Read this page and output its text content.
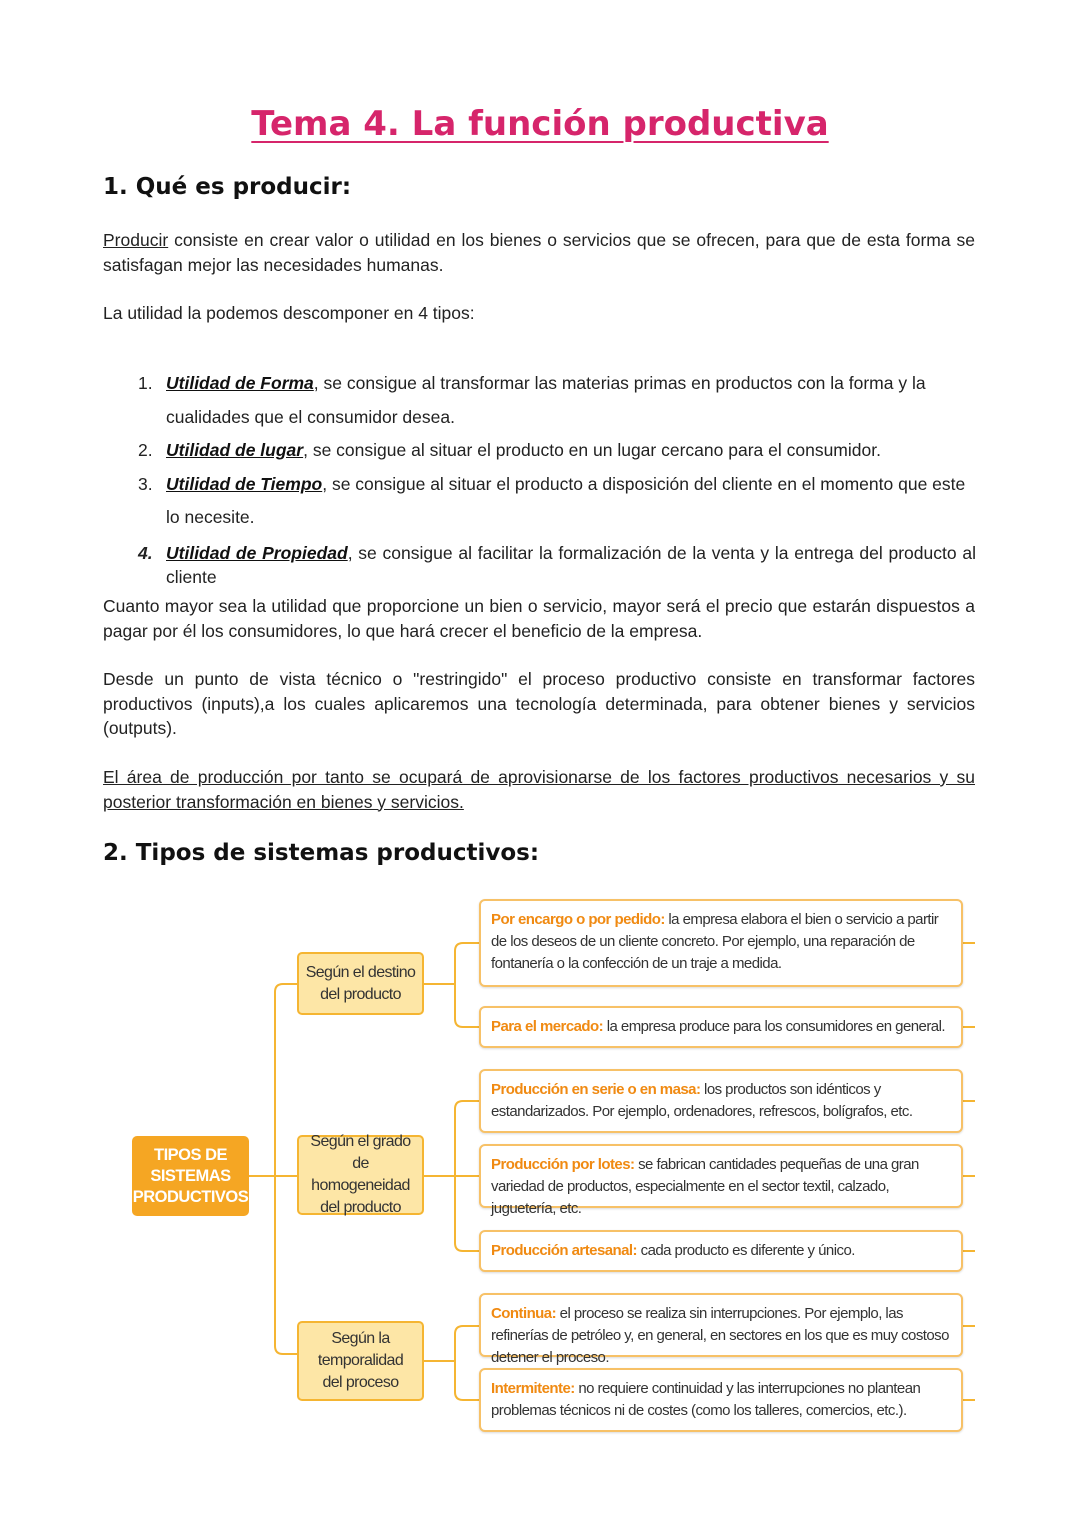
Tema 4. La función productiva
1. Qué es producir:
Producir consiste en crear valor o utilidad en los bienes o servicios que se ofrecen, para que de esta forma se satisfagan mejor las necesidades humanas.
La utilidad la podemos descomponer en 4 tipos:
1. Utilidad de Forma, se consigue al transformar las materias primas en productos con la forma y la cualidades que el consumidor desea.
2. Utilidad de lugar, se consigue al situar el producto en un lugar cercano para el consumidor.
3. Utilidad de Tiempo, se consigue al situar el producto a disposición del cliente en el momento que este lo necesite.
4. Utilidad de Propiedad, se consigue al facilitar la formalización de la venta y la entrega del producto al cliente
Cuanto mayor sea la utilidad que proporcione un bien o servicio, mayor será el precio que estarán dispuestos a pagar por él los consumidores, lo que hará crecer el beneficio de la empresa.
Desde un punto de vista técnico o "restringido" el proceso productivo consiste en transformar factores productivos (inputs),a los cuales aplicaremos una tecnología determinada, para obtener bienes y servicios (outputs).
El área de producción por tanto se ocupará de aprovisionarse de los factores productivos necesarios y su posterior transformación en bienes y servicios.
2. Tipos de sistemas productivos:
TIPOS DE SISTEMAS PRODUCTIVOS
Según el destino del producto
Según el grado de homogeneidad del producto
Según la temporalidad del proceso
Por encargo o por pedido: la empresa elabora el bien o servicio a partir de los deseos de un cliente concreto. Por ejemplo, una reparación de fontanería o la confección de un traje a medida.
Para el mercado: la empresa produce para los consumidores en general.
Producción en serie o en masa: los productos son idénticos y estandarizados. Por ejemplo, ordenadores, refrescos, bolígrafos, etc.
Producción por lotes: se fabrican cantidades pequeñas de una gran variedad de productos, especialmente en el sector textil, calzado, juguetería, etc.
Producción artesanal: cada producto es diferente y único.
Continua: el proceso se realiza sin interrupciones. Por ejemplo, las refinerías de petróleo y, en general, en sectores en los que es muy costoso detener el proceso.
Intermitente: no requiere continuidad y las interrupciones no plantean problemas técnicos ni de costes (como los talleres, comercios, etc.).
